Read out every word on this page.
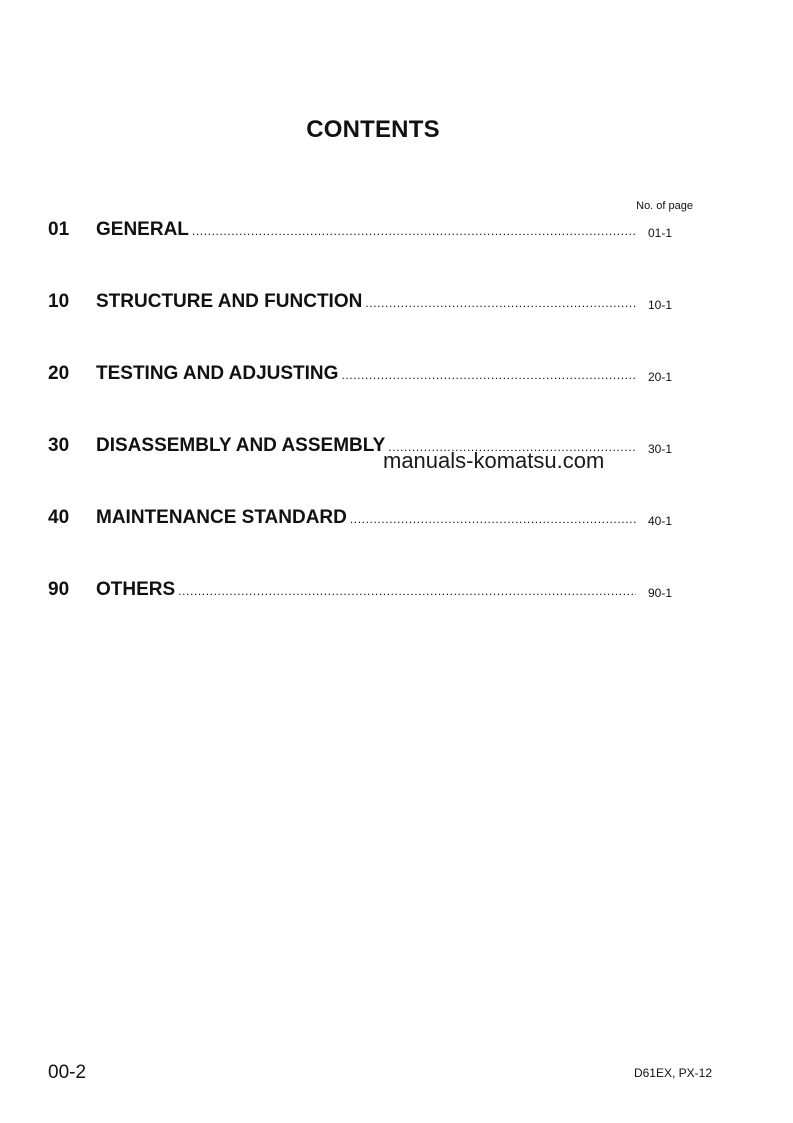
CONTENTS
No. of page
01 GENERAL .....	01-1
10 STRUCTURE AND FUNCTION .....	10-1
20 TESTING AND ADJUSTING .....	20-1
30 DISASSEMBLY AND ASSEMBLY .....	30-1
40 MAINTENANCE STANDARD .....	40-1
90 OTHERS .....	90-1
manuals-komatsu.com
00-2	D61EX, PX-12
